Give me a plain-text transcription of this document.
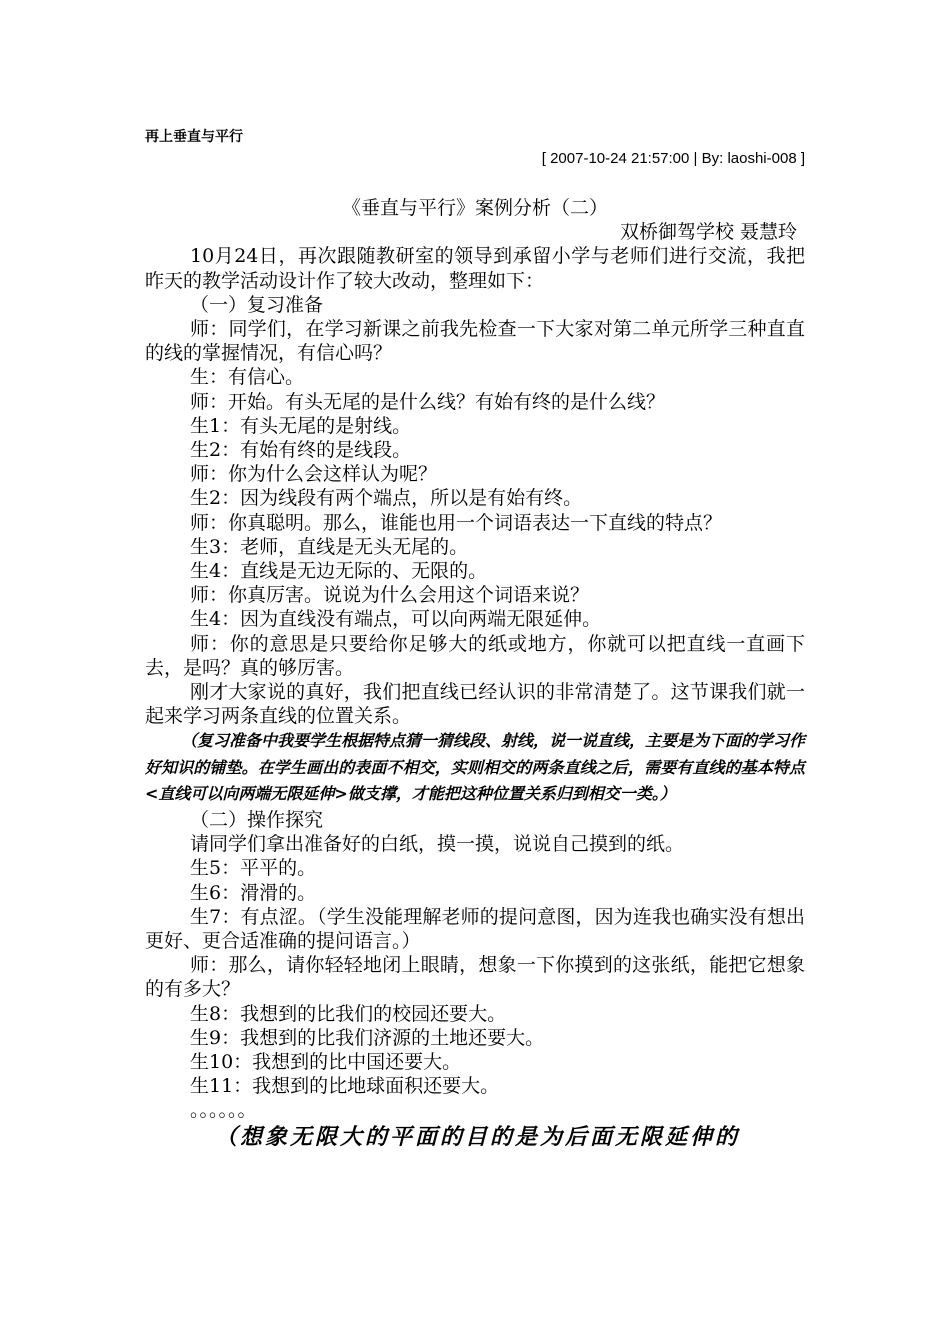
再上垂直与平行
[ 2007-10-24 21:57:00 | By: laoshi-008 ]

《垂直与平行》案例分析（二）

双桥御驾学校 聂慧玲

10月24日，再次跟随教研室的领导到承留小学与老师们进行交流，我把昨天的教学活动设计作了较大改动，整理如下：

（一）复习准备

师：同学们，在学习新课之前我先检查一下大家对第二单元所学三种直直的线的掌握情况，有信心吗？

生：有信心。

师：开始。有头无尾的是什么线？有始有终的是什么线？

生1：有头无尾的是射线。

生2：有始有终的是线段。

师：你为什么会这样认为呢？

生2：因为线段有两个端点，所以是有始有终。

师：你真聪明。那么，谁能也用一个词语表达一下直线的特点？

生3：老师，直线是无头无尾的。

生4：直线是无边无际的、无限的。

师：你真厉害。说说为什么会用这个词语来说？

生4：因为直线没有端点，可以向两端无限延伸。

师：你的意思是只要给你足够大的纸或地方，你就可以把直线一直画下去，是吗？真的够厉害。

刚才大家说的真好，我们把直线已经认识的非常清楚了。这节课我们就一起来学习两条直线的位置关系。

（复习准备中我要学生根据特点猜一猜线段、射线，说一说直线，主要是为下面的学习作好知识的铺垫。在学生画出的表面不相交，实则相交的两条直线之后，需要有直线的基本特点<直线可以向两端无限延伸>做支撑，才能把这种位置关系归到相交一类。）

（二）操作探究

请同学们拿出准备好的白纸，摸一摸，说说自己摸到的纸。

生5：平平的。

生6：滑滑的。

生7：有点涩。（学生没能理解老师的提问意图，因为连我也确实没有想出更好、更合适准确的提问语言。）

师：那么，请你轻轻地闭上眼睛，想象一下你摸到的这张纸，能把它想象的有多大？

生8：我想到的比我们的校园还要大。

生9：我想到的比我们济源的土地还要大。

生10：我想到的比中国还要大。

生11：我想到的比地球面积还要大。

。。。。。。

（想象无限大的平面的目的是为后面无限延伸的
